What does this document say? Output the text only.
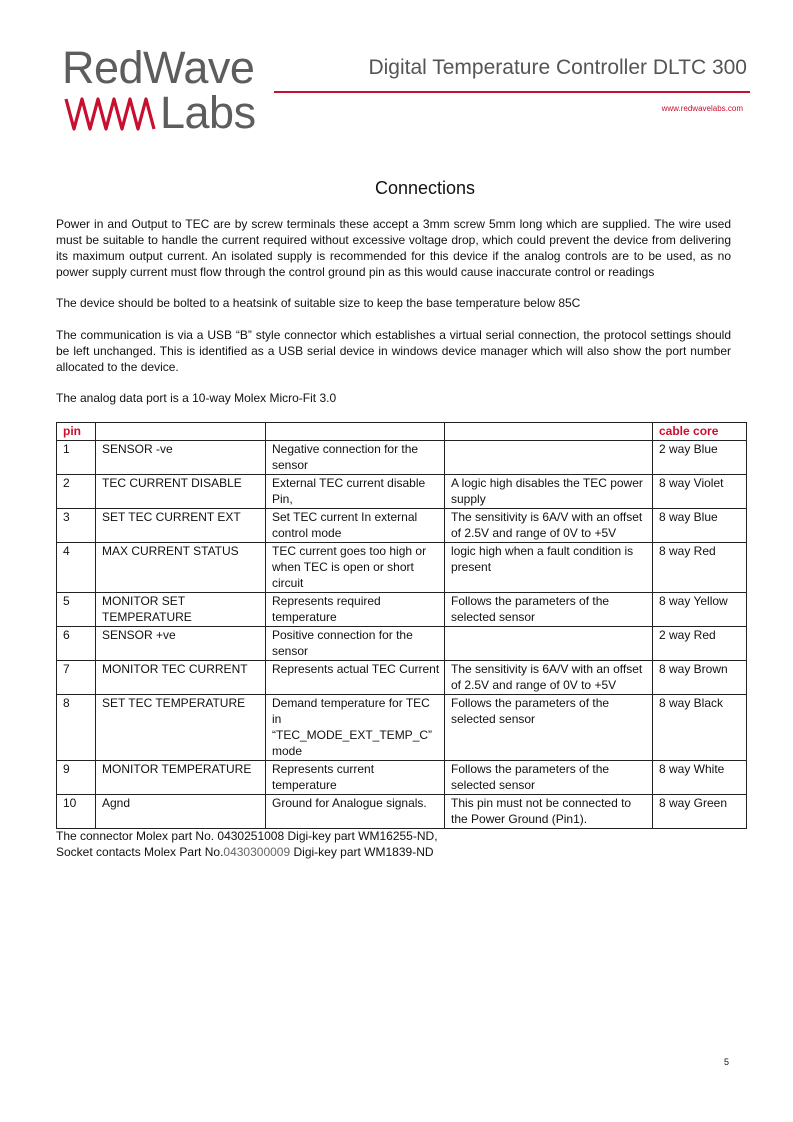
RedWave
Labs
Digital Temperature Controller DLTC 300
www.redwavelabs.com
Connections

Power in and Output to TEC are by screw terminals these accept a 3mm screw 5mm long which are supplied. The wire used must be suitable to handle the current required without excessive voltage drop, which could prevent the device from delivering its maximum output current. An isolated supply is recommended for this device if the analog controls are to be used, as no power supply current must flow through the control ground pin as this would cause inaccurate control or readings

The device should be bolted to a heatsink of suitable size to keep the base temperature below 85C

The communication is via a USB “B” style connector which establishes a virtual serial connection, the protocol settings should be left unchanged. This is identified as a USB serial device in windows device manager which will also show the port number allocated to the device.

The analog data port is a 10-way Molex Micro-Fit 3.0

pin				cable core
1	SENSOR -ve	Negative connection for the sensor		2 way Blue
2	TEC CURRENT DISABLE	External TEC current disable Pin,	A logic high disables the TEC power supply	8 way Violet
3	SET TEC CURRENT EXT	Set TEC current In external control mode	The sensitivity is 6A/V with an offset of 2.5V and range of 0V to +5V	8 way Blue
4	MAX CURRENT STATUS	TEC current goes too high or when TEC is open or short circuit	logic high when a fault condition is present	8 way Red
5	MONITOR SET TEMPERATURE	Represents required temperature	Follows the parameters of the selected sensor	8 way Yellow
6	SENSOR +ve	Positive connection for the sensor		2 way Red
7	MONITOR TEC CURRENT	Represents actual TEC Current	The sensitivity is 6A/V with an offset of 2.5V and range of 0V to +5V	8 way Brown
8	SET TEC TEMPERATURE	Demand temperature for TEC in “TEC_MODE_EXT_TEMP_C” mode	Follows the parameters of the selected sensor	8 way Black
9	MONITOR TEMPERATURE	Represents current temperature	Follows the parameters of the selected sensor	8 way White
10	Agnd	Ground for Analogue signals.	This pin must not be connected to the Power Ground (Pin1).	8 way Green
The connector Molex part No. 0430251008 Digi-key part WM16255-ND,
Socket contacts Molex Part No.0430300009 Digi-key part WM1839-ND
5
